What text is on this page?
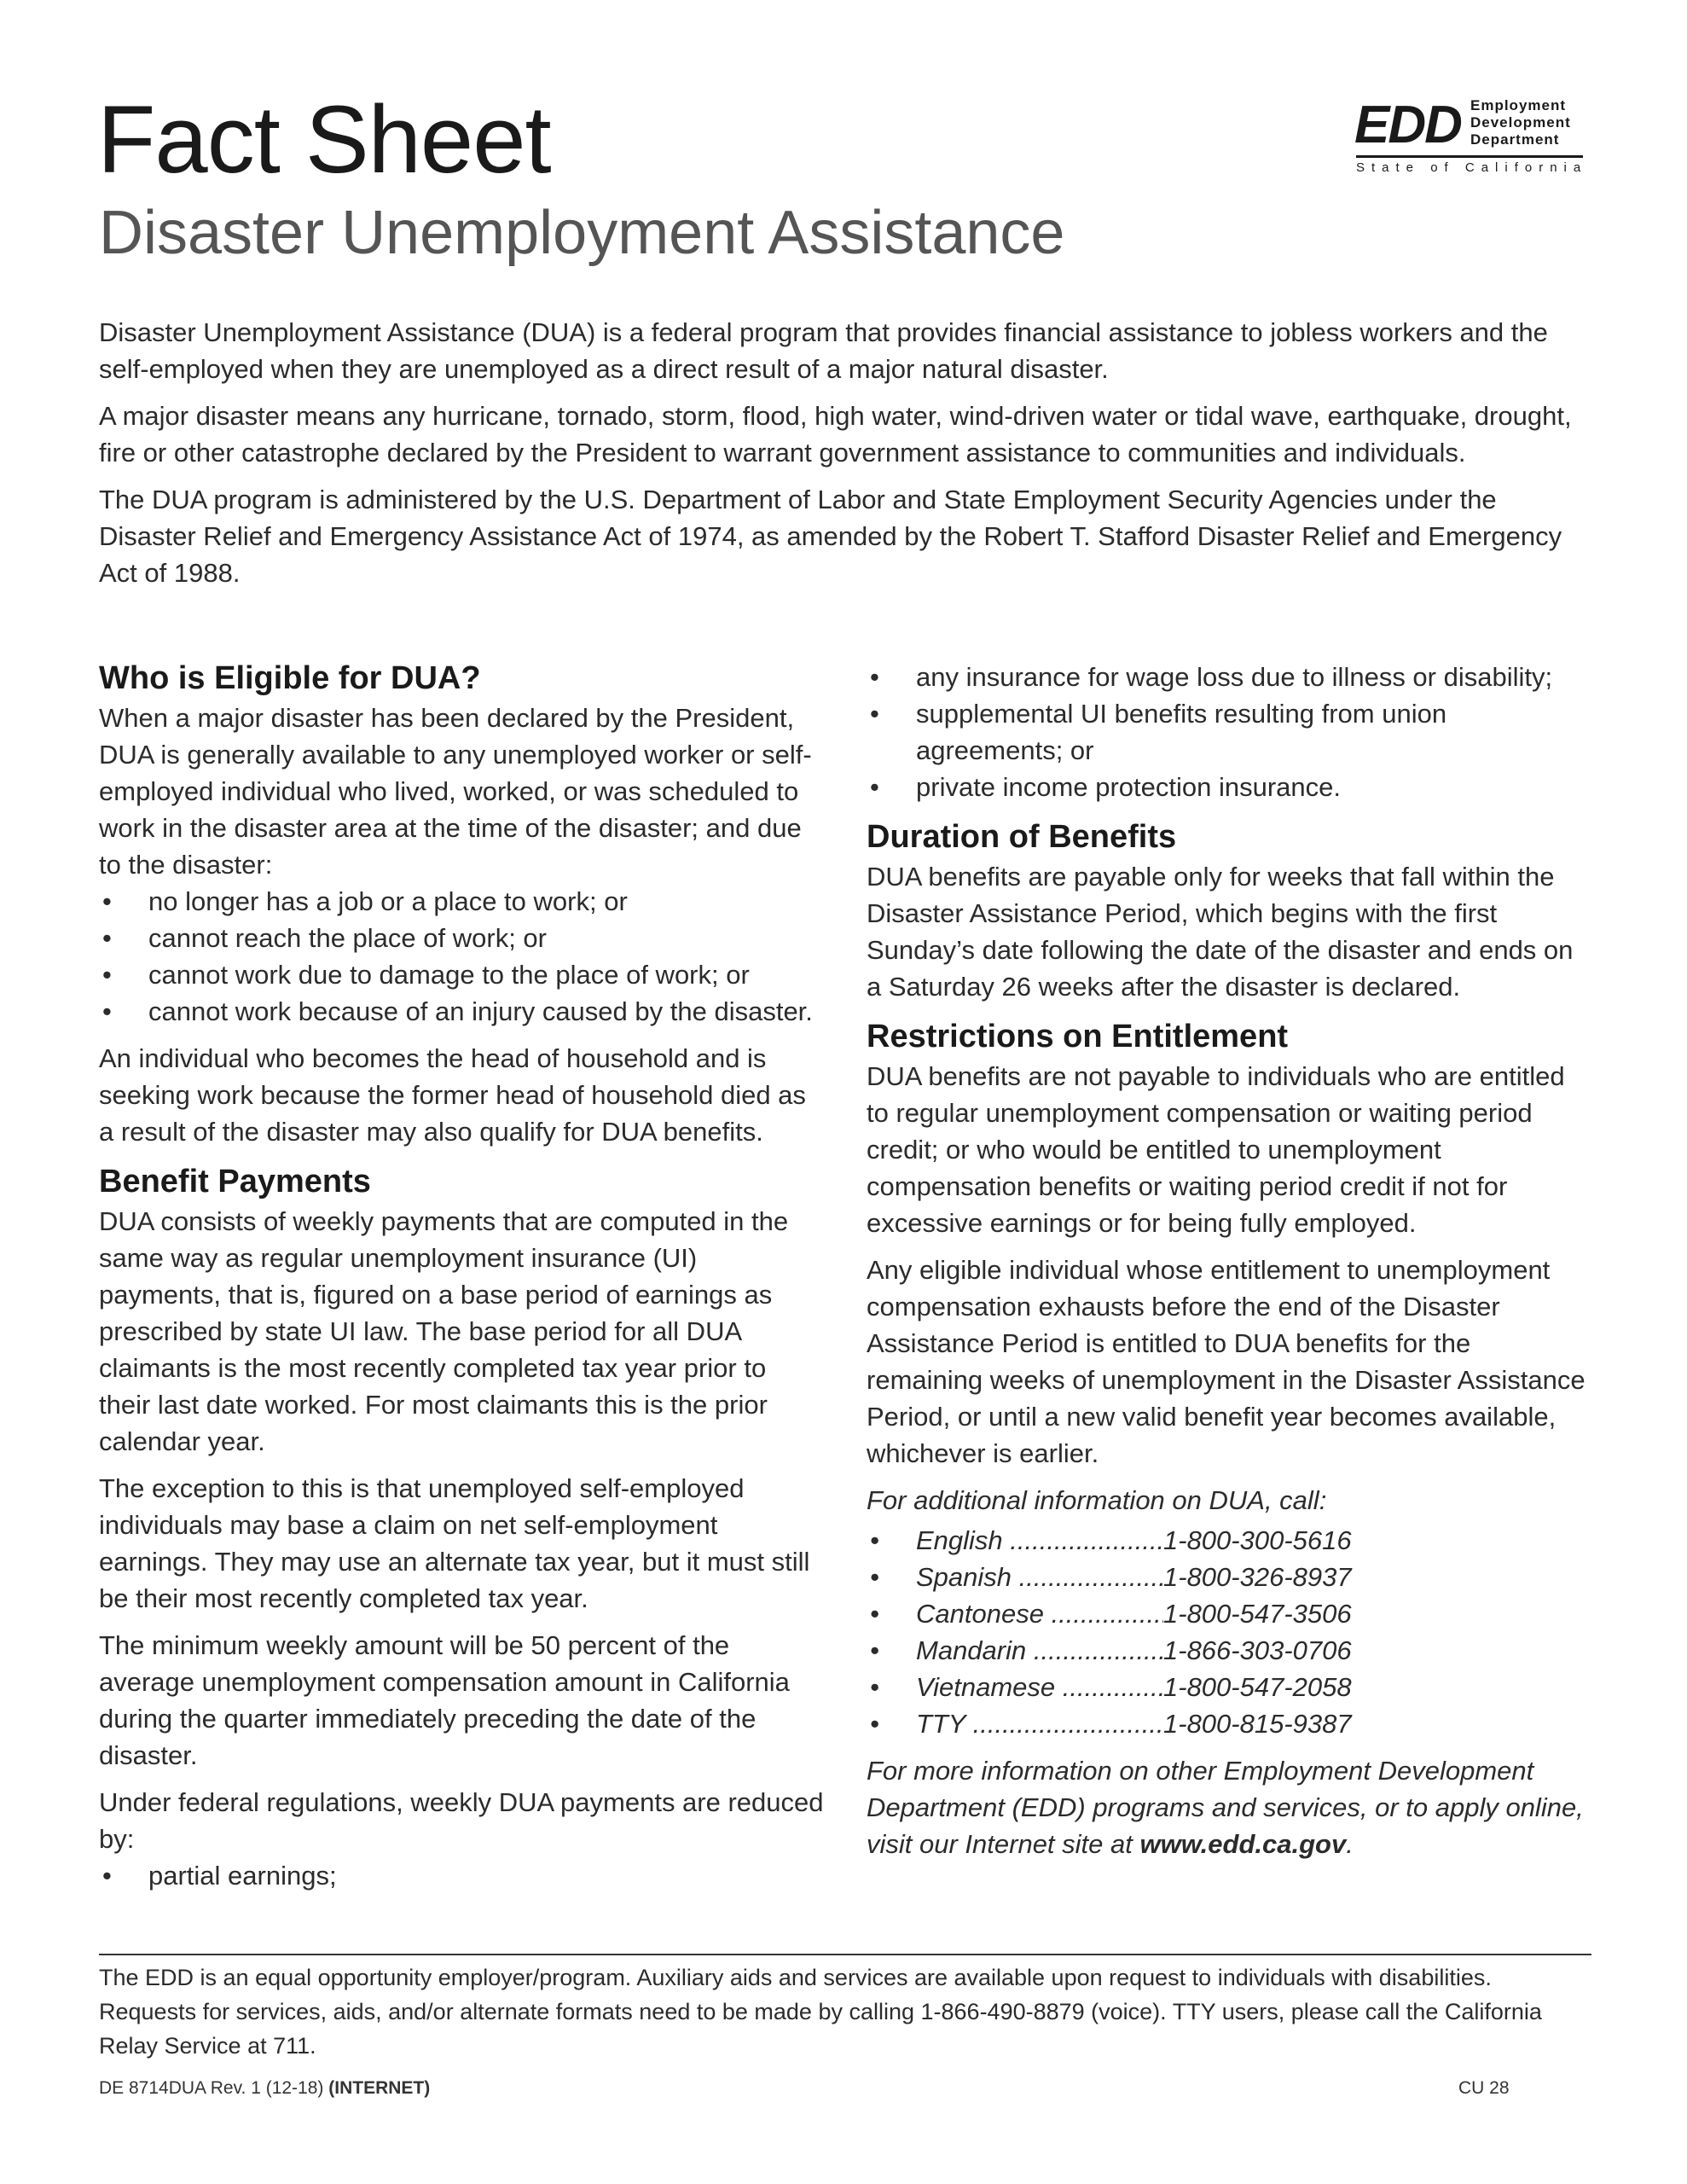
Fact Sheet
Disaster Unemployment Assistance
EDD Employment
Development
Department
State of California

Disaster Unemployment Assistance (DUA) is a federal program that provides financial assistance to jobless workers and the self-employed when they are unemployed as a direct result of a major natural disaster.

A major disaster means any hurricane, tornado, storm, flood, high water, wind-driven water or tidal wave, earthquake, drought, fire or other catastrophe declared by the President to warrant government assistance to communities and individuals.

The DUA program is administered by the U.S. Department of Labor and State Employment Security Agencies under the Disaster Relief and Emergency Assistance Act of 1974, as amended by the Robert T. Stafford Disaster Relief and Emergency Act of 1988.

Who is Eligible for DUA?

When a major disaster has been declared by the President, DUA is generally available to any unemployed worker or self-employed individual who lived, worked, or was scheduled to work in the disaster area at the time of the disaster; and due to the disaster:

• no longer has a job or a place to work; or
• cannot reach the place of work; or
• cannot work due to damage to the place of work; or
• cannot work because of an injury caused by the disaster.

An individual who becomes the head of household and is seeking work because the former head of household died as a result of the disaster may also qualify for DUA benefits.

Benefit Payments

DUA consists of weekly payments that are computed in the same way as regular unemployment insurance (UI) payments, that is, figured on a base period of earnings as prescribed by state UI law. The base period for all DUA claimants is the most recently completed tax year prior to their last date worked. For most claimants this is the prior calendar year.

The exception to this is that unemployed self-employed individuals may base a claim on net self-employment earnings. They may use an alternate tax year, but it must still be their most recently completed tax year.

The minimum weekly amount will be 50 percent of the average unemployment compensation amount in California during the quarter immediately preceding the date of the disaster.

Under federal regulations, weekly DUA payments are reduced by:

• partial earnings;
• any insurance for wage loss due to illness or disability;
• supplemental UI benefits resulting from union agreements; or
• private income protection insurance.
Duration of Benefits

DUA benefits are payable only for weeks that fall within the Disaster Assistance Period, which begins with the first Sunday’s date following the date of the disaster and ends on a Saturday 26 weeks after the disaster is declared.

Restrictions on Entitlement

DUA benefits are not payable to individuals who are entitled to regular unemployment compensation or waiting period credit; or who would be entitled to unemployment compensation benefits or waiting period credit if not for excessive earnings or for being fully employed.

Any eligible individual whose entitlement to unemployment compensation exhausts before the end of the Disaster Assistance Period is entitled to DUA benefits for the remaining weeks of unemployment in the Disaster Assistance Period, or until a new valid benefit year becomes available, whichever is earlier.

For additional information on DUA, call:

• English .....	1-800-300-5616
• Spanish .....	1-800-326-8937
• Cantonese .....	1-800-547-3506
• Mandarin .....	1-866-303-0706
• Vietnamese .....	1-800-547-2058
• TTY .....	1-800-815-9387

For more information on other Employment Development Department (EDD) programs and services, or to apply online, visit our Internet site at www.edd.ca.gov.

The EDD is an equal opportunity employer/program. Auxiliary aids and services are available upon request to individuals with disabilities. Requests for services, aids, and/or alternate formats need to be made by calling 1-866-490-8879 (voice). TTY users, please call the California Relay Service at 711.
DE 8714DUA Rev. 1 (12-18) (INTERNET)	CU 28
